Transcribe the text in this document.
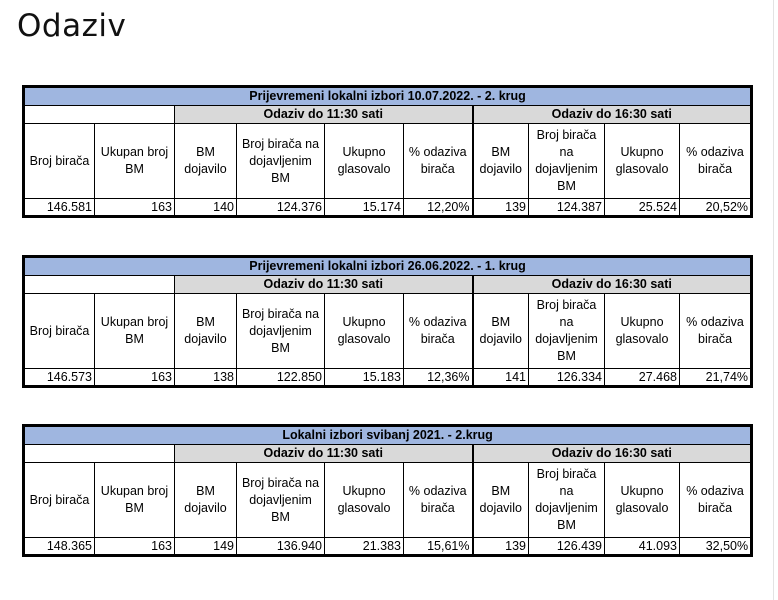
Odaziv
Prijevremeni lokalni izbori 10.07.2022. - 2. krug									
		Odaziv do 11:30 sati				Odaziv do 16:30 sati			
Broj birača	Ukupan broj BM	BM dojavilo	Broj birača na dojavljenim BM	Ukupno glasovalo	% odaziva birača	BM dojavilo	Broj birača na dojavljenim BM	Ukupno glasovalo	% odaziva birača
146.581	163	140	124.376	15.174	12,20%	139	124.387	25.524	20,52%
Prijevremeni lokalni izbori 26.06.2022. - 1. krug									
		Odaziv do 11:30 sati				Odaziv do 16:30 sati			
Broj birača	Ukupan broj BM	BM dojavilo	Broj birača na dojavljenim BM	Ukupno glasovalo	% odaziva birača	BM dojavilo	Broj birača na dojavljenim BM	Ukupno glasovalo	% odaziva birača
146.573	163	138	122.850	15.183	12,36%	141	126.334	27.468	21,74%
Lokalni izbori svibanj 2021. - 2.krug									
		Odaziv do 11:30 sati				Odaziv do 16:30 sati			
Broj birača	Ukupan broj BM	BM dojavilo	Broj birača na dojavljenim BM	Ukupno glasovalo	% odaziva birača	BM dojavilo	Broj birača na dojavljenim BM	Ukupno glasovalo	% odaziva birača
148.365	163	149	136.940	21.383	15,61%	139	126.439	41.093	32,50%
